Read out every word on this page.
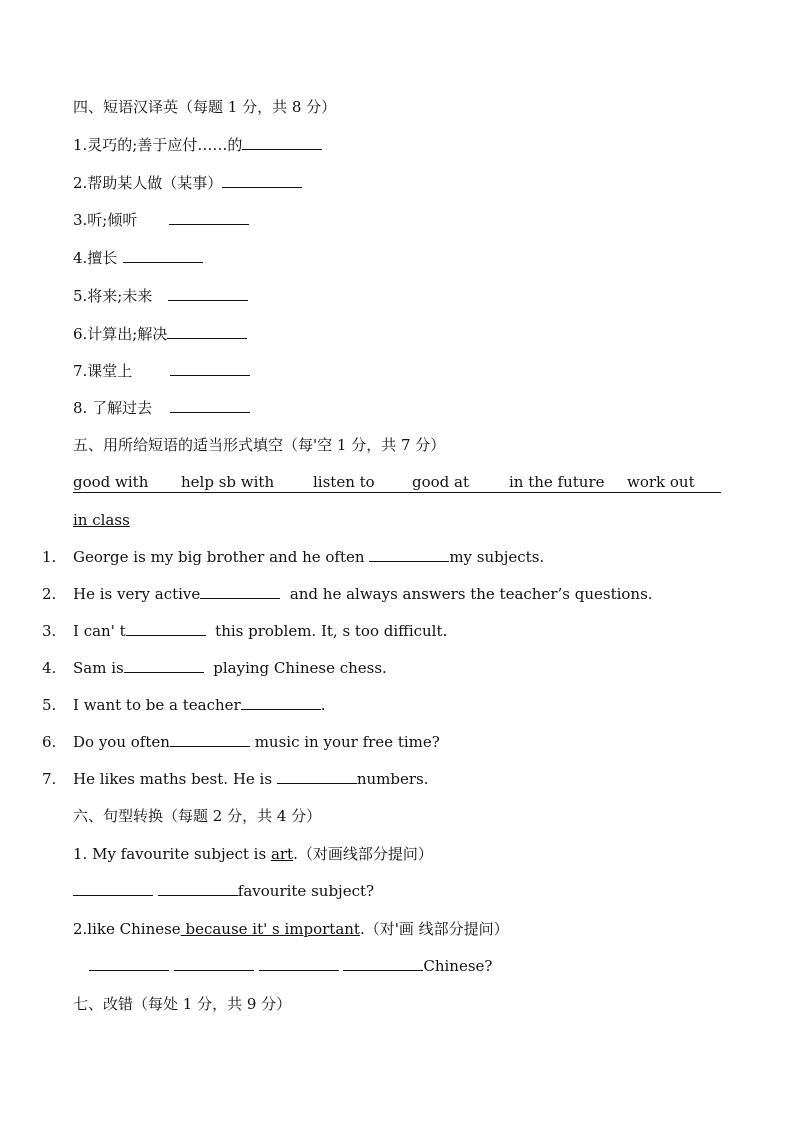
四、短语汉译英（每题 1 分，共 8 分）
1.灵巧的;善于应付……的
2.帮助某人做（某事）
3.听;倾听
4.擅长
5.将来;未来
6.计算出;解决
7.课堂上
8. 了解过去
五、用所给短语的适当形式填空（每'空 1 分，共 7 分）
good with help sb with	listen to good at	in the future work out
in class
1. George is my big brother and he often	my subjects.
2. He is very active	and he always answers the teacher’s questions.
3. I can' t	this problem. It, s too difficult.
4. Sam is	playing Chinese chess.
5. I want to be a teacher	.
6. Do you often	music in your free time?
7. He likes maths best. He is	numbers.
六、句型转换（每题 2 分，共 4 分）
1. My favourite subject is art.（对画线部分提问）
favourite subject?
2.like Chinese because it' s important.（对'画 线部分提问）
Chinese?
七、改错（每处 1 分，共 9 分）
